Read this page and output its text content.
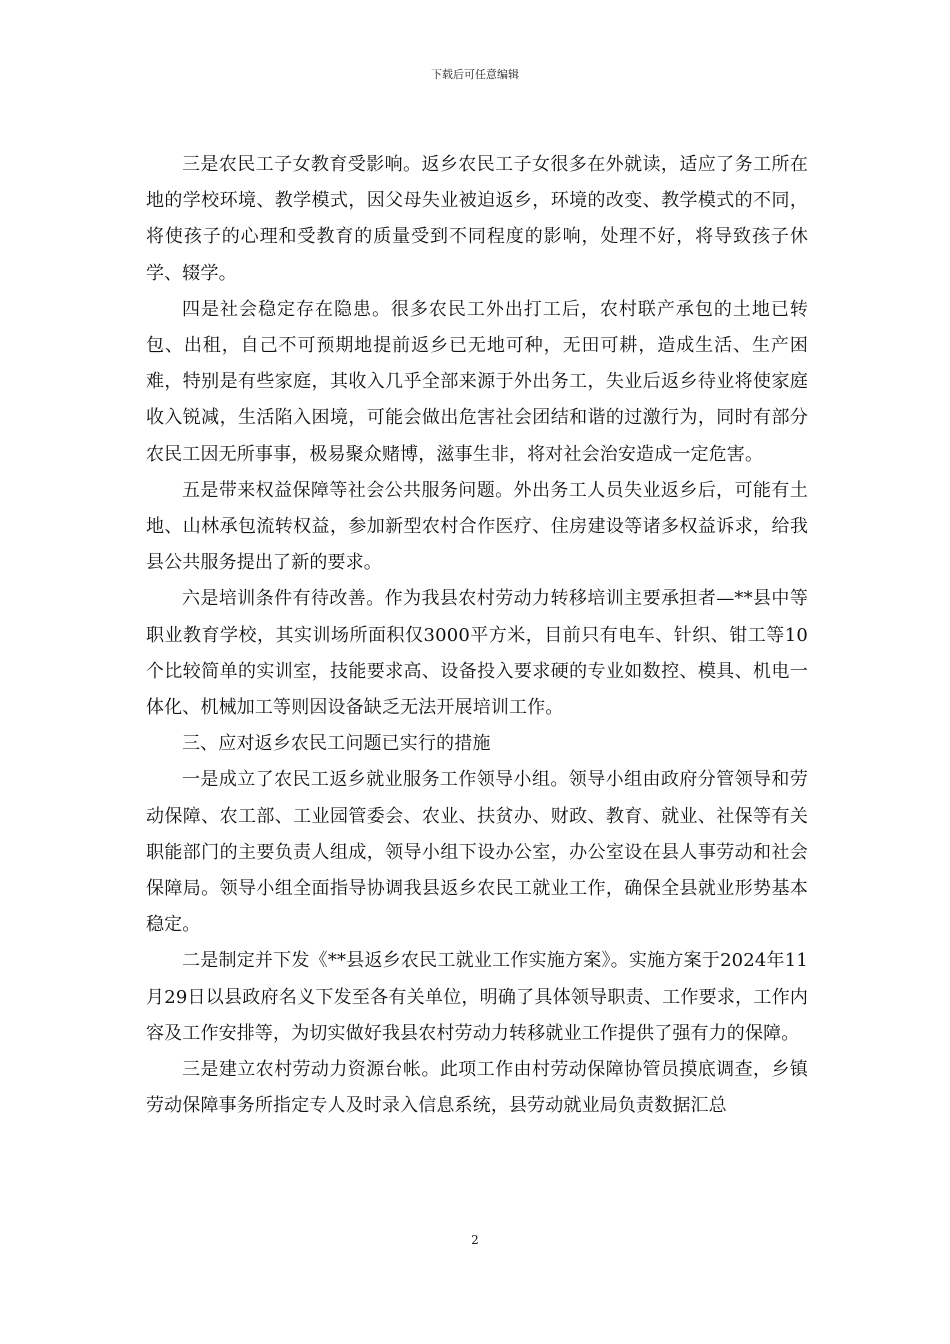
下载后可任意编辑

三是农民工子女教育受影响。返乡农民工子女很多在外就读，适应了务工所在地的学校环境、教学模式，因父母失业被迫返乡，环境的改变、教学模式的不同，将使孩子的心理和受教育的质量受到不同程度的影响，处理不好，将导致孩子休学、辍学。

四是社会稳定存在隐患。很多农民工外出打工后，农村联产承包的土地已转包、出租，自己不可预期地提前返乡已无地可种，无田可耕，造成生活、生产困难，特别是有些家庭，其收入几乎全部来源于外出务工，失业后返乡待业将使家庭收入锐减，生活陷入困境，可能会做出危害社会团结和谐的过激行为，同时有部分农民工因无所事事，极易聚众赌博，滋事生非，将对社会治安造成一定危害。

五是带来权益保障等社会公共服务问题。外出务工人员失业返乡后，可能有土地、山林承包流转权益，参加新型农村合作医疗、住房建设等诸多权益诉求，给我县公共服务提出了新的要求。

六是培训条件有待改善。作为我县农村劳动力转移培训主要承担者—**县中等职业教育学校，其实训场所面积仅3000平方米，目前只有电车、针织、钳工等10个比较简单的实训室，技能要求高、设备投入要求硬的专业如数控、模具、机电一体化、机械加工等则因设备缺乏无法开展培训工作。

三、应对返乡农民工问题已实行的措施

一是成立了农民工返乡就业服务工作领导小组。领导小组由政府分管领导和劳动保障、农工部、工业园管委会、农业、扶贫办、财政、教育、就业、社保等有关职能部门的主要负责人组成，领导小组下设办公室，办公室设在县人事劳动和社会保障局。领导小组全面指导协调我县返乡农民工就业工作，确保全县就业形势基本稳定。

二是制定并下发《**县返乡农民工就业工作实施方案》。实施方案于2024年11月29日以县政府名义下发至各有关单位，明确了具体领导职责、工作要求，工作内容及工作安排等，为切实做好我县农村劳动力转移就业工作提供了强有力的保障。

三是建立农村劳动力资源台帐。此项工作由村劳动保障协管员摸底调查，乡镇劳动保障事务所指定专人及时录入信息系统，县劳动就业局负责数据汇总

2
